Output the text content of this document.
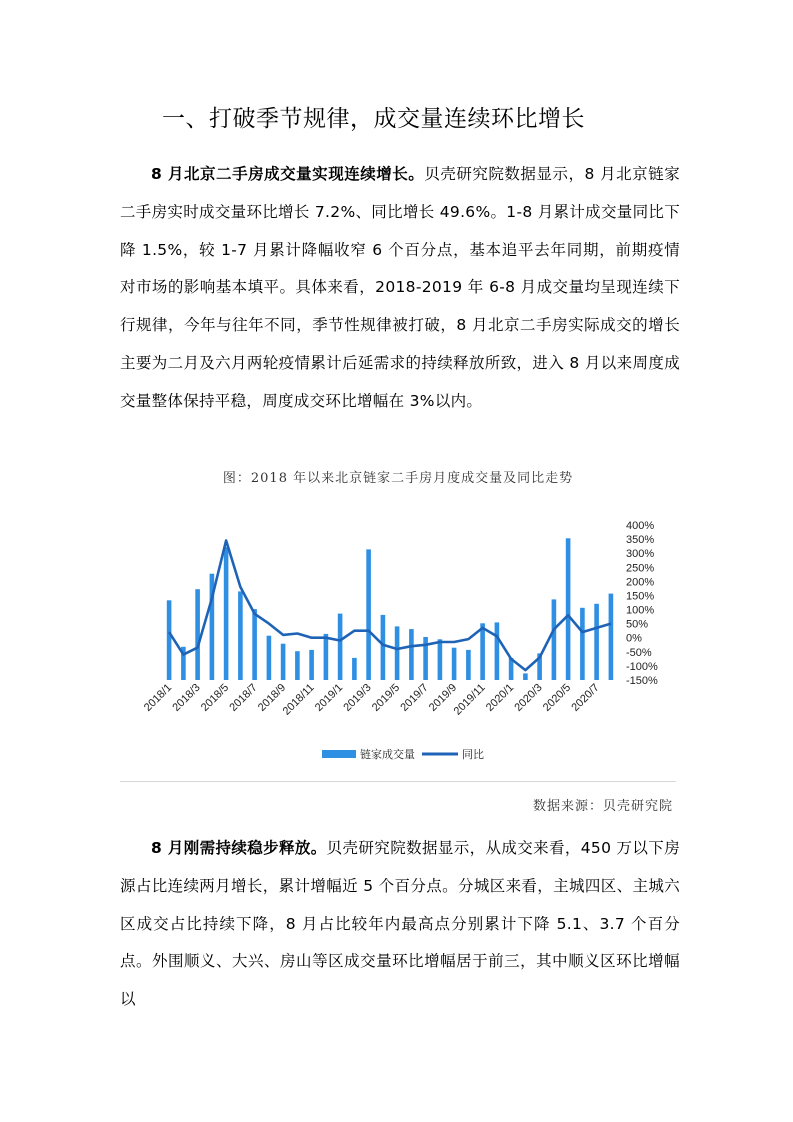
一、打破季节规律，成交量连续环比增长

8 月北京二手房成交量实现连续增长。贝壳研究院数据显示，8 月北京链家二手房实时成交量环比增长 7.2%、同比增长 49.6%。1-8 月累计成交量同比下降 1.5%，较 1-7 月累计降幅收窄 6 个百分点，基本追平去年同期，前期疫情对市场的影响基本填平。具体来看，2018-2019 年 6-8 月成交量均呈现连续下行规律，今年与往年不同，季节性规律被打破，8 月北京二手房实际成交的增长主要为二月及六月两轮疫情累计后延需求的持续释放所致，进入 8 月以来周度成交量整体保持平稳，周度成交环比增幅在 3%以内。

图：2018 年以来北京链家二手房月度成交量及同比走势
400%
350%
300%
250%
200%
150%
100%
50%
0%
-50%
-100%
-150%
2018/1
2018/3
2018/5
2018/7
2018/9
2018/11
2019/1
2019/3
2019/5
2019/7
2019/9
2019/11
2020/1
2020/3
2020/5
2020/7
链家成交量	同比
数据来源：贝壳研究院

8 月刚需持续稳步释放。贝壳研究院数据显示，从成交来看，450 万以下房源占比连续两月增长，累计增幅近 5 个百分点。分城区来看，主城四区、主城六区成交占比持续下降，8 月占比较年内最高点分别累计下降 5.1、3.7 个百分点。外围顺义、大兴、房山等区成交量环比增幅居于前三，其中顺义区环比增幅以
